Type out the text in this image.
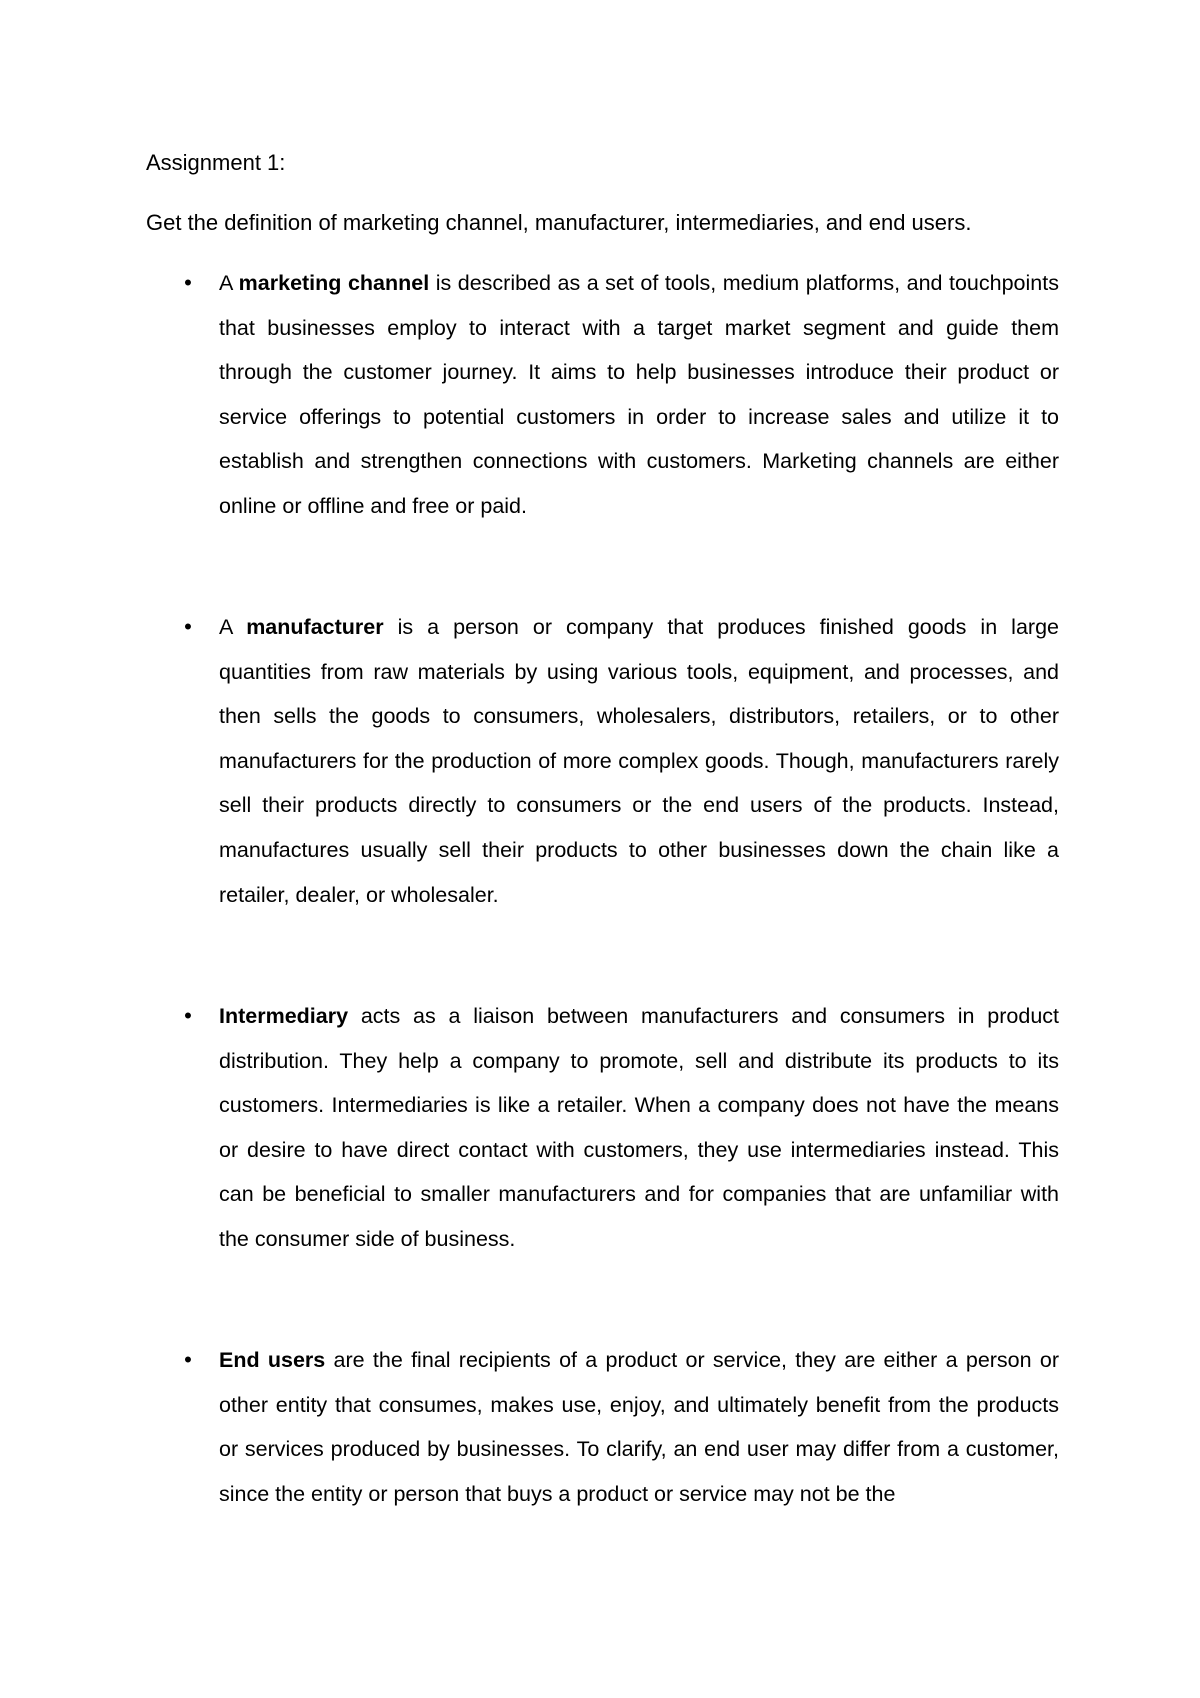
Assignment 1:
Get the definition of marketing channel, manufacturer, intermediaries, and end users.
• A marketing channel is described as a set of tools, medium platforms, and touchpoints that businesses employ to interact with a target market segment and guide them through the customer journey. It aims to help businesses introduce their product or service offerings to potential customers in order to increase sales and utilize it to establish and strengthen connections with customers. Marketing channels are either online or offline and free or paid.
• A manufacturer is a person or company that produces finished goods in large quantities from raw materials by using various tools, equipment, and processes, and then sells the goods to consumers, wholesalers, distributors, retailers, or to other manufacturers for the production of more complex goods. Though, manufacturers rarely sell their products directly to consumers or the end users of the products. Instead, manufactures usually sell their products to other businesses down the chain like a retailer, dealer, or wholesaler.
• Intermediary acts as a liaison between manufacturers and consumers in product distribution. They help a company to promote, sell and distribute its products to its customers. Intermediaries is like a retailer. When a company does not have the means or desire to have direct contact with customers, they use intermediaries instead. This can be beneficial to smaller manufacturers and for companies that are unfamiliar with the consumer side of business.
• End users are the final recipients of a product or service, they are either a person or other entity that consumes, makes use, enjoy, and ultimately benefit from the products or services produced by businesses. To clarify, an end user may differ from a customer, since the entity or person that buys a product or service may not be the
